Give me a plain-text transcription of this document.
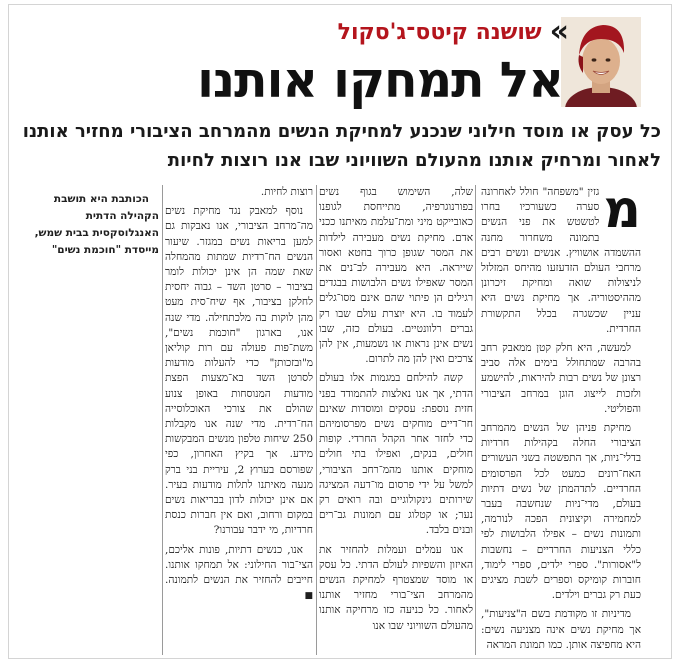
»
שושנה קיטס־ג'סקול
אל תמחקו אותנו
כל עסק או מוסד חילוני שנכנע למחיקת הנשים מהמרחב הציבורי מחזיר אותנו לאחור ומרחיק אותנו מהעולם השוויוני שבו אנו רוצות לחיות

מ
גזין "משפחה" חולל לאחרונה סערה כשעורכיו בחרו לטשטש את פני הנשים בתמונה משחרור מחנה ההשמדה אושוויץ. אנשים ונשים רבים מרחבי העולם הזדעזעו מהיחס המזלזל לניצולות שואה ומחיקת זיכרונן מההיסטוריה. אך מחיקת נשים היא עניין שכשגרה בכלל התקשורת החרדית.

למעשה, היא חלק קטן ממאבק רחב בהרבה שמתחולל בימים אלה סביב רצונן של נשים רבות להיראות, להישמע ולזכות לייצוג הוגן במרחב הציבורי והפוליטי.

מחיקת פניהן של הנשים מהמרחב הציבורי החלה בקהילות חרדיות בדלי־ניות, אך התפשטה בשני העשורים האח־רונים כמעט לכל הפרסומים החרדיים. לתדהמתן של נשים דתיות בעולם, מדי־ניות שנחשבה בעבר למחמירה וקיצונית הפכה לנורמה, ותמונות נשים – אפילו הלבושות לפי כללי הצניעות החרדיים – נחשבות ל"אסורות". ספרי ילדים, ספרי לימוד, חוברות קומיקס וספרים לשבת מציגים כעת רק גברים וילדים.

מדיניות זו מקודמת בשם ה"צניעות", אך מחיקת נשים אינה מצניעה נשים: היא מחפיצה אותן. כמו תמונת המראה

שלה, השימוש בגוף נשים בפורנוגרפיה, מתייחסת לגופנו כאובייקט מיני ומת־עלמת מאיתנו ככני אדם. מחיקת נשים מעבירה לילדות את המסר שגופן כרוך בחטא ואסור שייראה. היא מעבירה לב־נים את המסר שאפילו נשים הלבושות בבגדים רגילים הן פיתוי שהם אינם מסו־גלים לעמוד בו. היא יוצרת עולם שבו רק גברים רלוונטיים. בעולם כזה, שבו נשים אינן נראות או נשמעות, אין להן צרכים ואין להן מה לתרום.

קשה להילחם במגמות אלו בעולם הדתי, אך אנו נאלצות להתמודד בפני חזית נוספת: עסקים ומוסדות שאינם חר־דיים מוחקים נשים מפרסומיהם כדי לחזר אחר הקהל החרדי. קופות חולים, בנקים, ואפילו בתי חולים מוחקים אותנו מהמ־רחב הציבורי, למשל על ידי פרסום מו־דעה המציגה שירותים גינקולוגיים ובה רואים רק נער; או קטלוג עם תמונות גב־רים ובנים בלבד.

אנו עמלים ועמלות להחזיר את האיזון והשפיות לעולם הדתי. כל עסק או מוסד שמצטרף למחיקת הנשים מהמרחב הצי־בורי מחזיר אותנו לאחור. כל כניעה כזו מרחיקה אותנו מהעולם השוויוני שבו אנו

רוצות לחיות.

נוסף למאבק נגד מחיקת נשים מה־מרחב הציבורי, אנו נאבקות גם למען בריאות נשים במגזר. שיעור הנשים הח־רדיות שמתות מהמחלה שאת שמה הן אינן יכולות לומר בציבור – סרטן השד – גבוה יחסית לחלקן בציבור, אף שיח־סית מעט מהן לוקות בה מלכתחילה. מדי שנה אנו, בארגון "חוכמת נשים", משת־פות פעולה עם רות קוליאן מ"ובזכותן" כדי להעלות מודעות לסרטן השד בא־מצעות הפצת מודעות המנוסחות באופן צנוע שהולם את צורכי האוכלוסייה הח־רדית. מדי שנה אנו מקבלות 250 שיחות טלפון מנשים המבקשות מידע. אך בקיץ האחרון, כפי שפורסם בערוץ 2, עיריית בני ברק מנעה מאיתנו לתלות מודעות בעיר. אם אינן יכולות לדון בבריאות נשים במקום ורחוב, ואם אין חברות כנסת חרדיות, מי ידבר עבורנו?

אנו, כנשים דתיות, פונות אליכם, הצי־בור החילוני: אל תמחקו אותנו. חייבים להחזיר את הנשים לתמונה. ■

הכותבת היא תושבת הקהילה הדתית האנגלוסקסית בבית שמש, מייסדת "חוכמת נשים"
